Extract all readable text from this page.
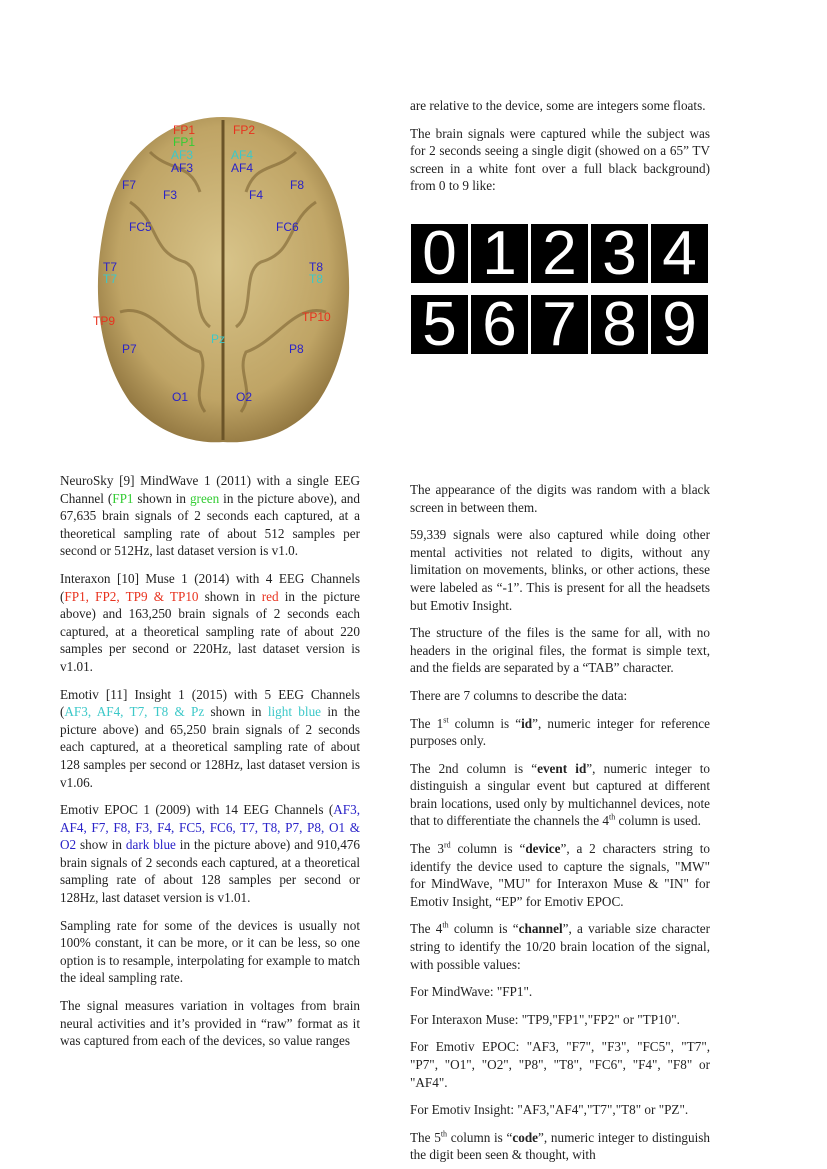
FP1	FP2
FP1
AF3	AF4
AF3	AF4
F7
F3	F4
F8
FC5	FC6
T7
T7
T8
T8
TP9	TP10
Pz
P7	P8
O1	O2

NeuroSky [9] MindWave 1 (2011) with a single EEG Channel (FP1 shown in green in the picture above), and 67,635 brain signals of 2 seconds each captured, at a theoretical sampling rate of about 512 samples per second or 512Hz, last dataset version is v1.0.

Interaxon [10] Muse 1 (2014) with 4 EEG Channels (FP1, FP2, TP9 & TP10 shown in red in the picture above) and 163,250 brain signals of 2 seconds each captured, at a theoretical sampling rate of about 220 samples per second or 220Hz, last dataset version is v1.01.

Emotiv [11] Insight 1 (2015) with 5 EEG Channels (AF3, AF4, T7, T8 & Pz shown in light blue in the picture above) and 65,250 brain signals of 2 seconds each captured, at a theoretical sampling rate of about 128 samples per second or 128Hz, last dataset version is v1.06.

Emotiv EPOC 1 (2009) with 14 EEG Channels (AF3, AF4, F7, F8, F3, F4, FC5, FC6, T7, T8, P7, P8, O1 & O2 show in dark blue in the picture above) and 910,476 brain signals of 2 seconds each captured, at a theoretical sampling rate of about 128 samples per second or 128Hz, last dataset version is v1.01.

Sampling rate for some of the devices is usually not 100% constant, it can be more, or it can be less, so one option is to resample, interpolating for example to match the ideal sampling rate.

The signal measures variation in voltages from brain neural activities and it’s provided in “raw” format as it was captured from each of the devices, so value ranges

are relative to the device, some are integers some floats.

The brain signals were captured while the subject was for 2 seconds seeing a single digit (showed on a 65” TV screen in a white font over a full black background) from 0 to 9 like:

The appearance of the digits was random with a black screen in between them.

59,339 signals were also captured while doing other mental activities not related to digits, without any limitation on movements, blinks, or other actions, these were labeled as “-1”. This is present for all the headsets but Emotiv Insight.

The structure of the files is the same for all, with no headers in the original files, the format is simple text, and the fields are separated by a “TAB” character.

There are 7 columns to describe the data:

The 1st column is “id”, numeric integer for reference purposes only.

The 2nd column is “event id”, numeric integer to distinguish a singular event but captured at different brain locations, used only by multichannel devices, note that to differentiate the channels the 4th column is used.

The 3rd column is “device”, a 2 characters string to identify the device used to capture the signals, "MW" for MindWave, "MU" for Interaxon Muse & "IN" for Emotiv Insight, “EP” for Emotiv EPOC.

The 4th column is “channel”, a variable size character string to identify the 10/20 brain location of the signal, with possible values:

For MindWave: "FP1".

For Interaxon Muse: "TP9,"FP1","FP2" or "TP10".

For Emotiv EPOC: "AF3, "F7", "F3", "FC5", "T7", "P7", "O1", "O2", "P8", "T8", "FC6", "F4", "F8" or "AF4".

For Emotiv Insight: "AF3,"AF4","T7","T8" or "PZ".

The 5th column is “code”, numeric integer to distinguish the digit been seen & thought, with

0 1 2 3 4
5 6 7 8 9
